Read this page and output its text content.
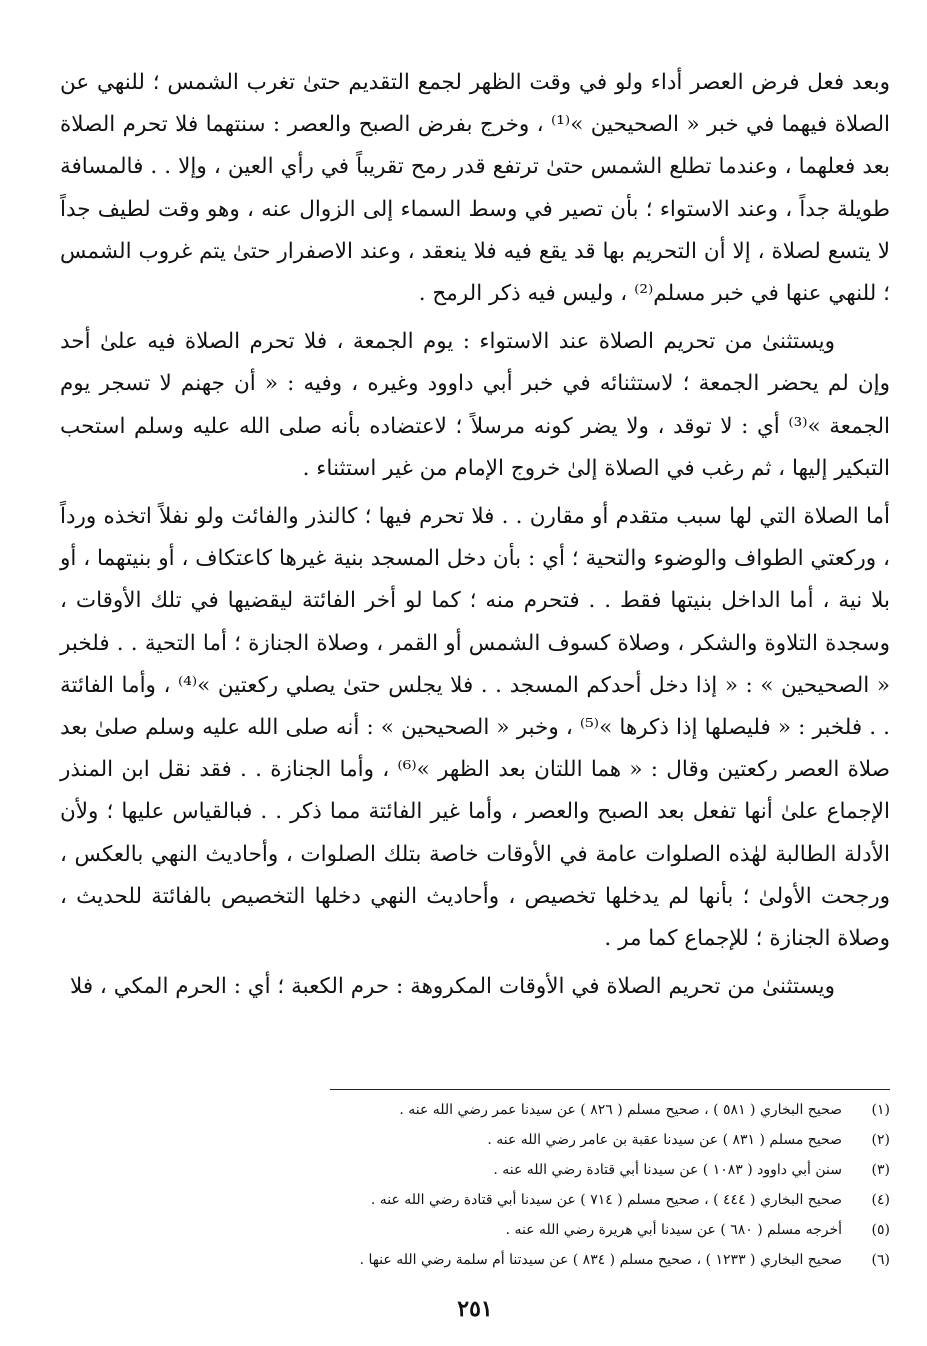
وبعد فعل فرض العصر أداء ولو في وقت الظهر لجمع التقديم حتىٰ تغرب الشمس ؛ للنهي عن الصلاة فيهما في خبر « الصحيحين »⁽¹⁾ ، وخرج بفرض الصبح والعصر : سنتهما فلا تحرم الصلاة بعد فعلهما ، وعندما تطلع الشمس حتىٰ ترتفع قدر رمح تقريباً في رأي العين ، وإلا . . فالمسافة طويلة جداً ، وعند الاستواء ؛ بأن تصير في وسط السماء إلى الزوال عنه ، وهو وقت لطيف جداً لا يتسع لصلاة ، إلا أن التحريم بها قد يقع فيه فلا ينعقد ، وعند الاصفرار حتىٰ يتم غروب الشمس ؛ للنهي عنها في خبر مسلم⁽²⁾ ، وليس فيه ذكر الرمح .

ويستثنىٰ من تحريم الصلاة عند الاستواء : يوم الجمعة ، فلا تحرم الصلاة فيه علىٰ أحد وإن لم يحضر الجمعة ؛ لاستثنائه في خبر أبي داوود وغيره ، وفيه : « أن جهنم لا تسجر يوم الجمعة »⁽³⁾ أي : لا توقد ، ولا يضر كونه مرسلاً ؛ لاعتضاده بأنه صلى الله عليه وسلم استحب التبكير إليها ، ثم رغب في الصلاة إلىٰ خروج الإمام من غير استثناء .

أما الصلاة التي لها سبب متقدم أو مقارن . . فلا تحرم فيها ؛ كالنذر والفائت ولو نفلاً اتخذه ورداً ، وركعتي الطواف والوضوء والتحية ؛ أي : بأن دخل المسجد بنية غيرها كاعتكاف ، أو بنيتهما ، أو بلا نية ، أما الداخل بنيتها فقط . . فتحرم منه ؛ كما لو أخر الفائتة ليقضيها في تلك الأوقات ، وسجدة التلاوة والشكر ، وصلاة كسوف الشمس أو القمر ، وصلاة الجنازة ؛ أما التحية . . فلخبر « الصحيحين » : « إذا دخل أحدكم المسجد . . فلا يجلس حتىٰ يصلي ركعتين »⁽⁴⁾ ، وأما الفائتة . . فلخبر : « فليصلها إذا ذكرها »⁽⁵⁾ ، وخبر « الصحيحين » : أنه صلى الله عليه وسلم صلىٰ بعد صلاة العصر ركعتين وقال : « هما اللتان بعد الظهر »⁽⁶⁾ ، وأما الجنازة . . فقد نقل ابن المنذر الإجماع علىٰ أنها تفعل بعد الصبح والعصر ، وأما غير الفائتة مما ذكر . . فبالقياس عليها ؛ ولأن الأدلة الطالبة لهٰذه الصلوات عامة في الأوقات خاصة بتلك الصلوات ، وأحاديث النهي بالعكس ، ورجحت الأولىٰ ؛ بأنها لم يدخلها تخصيص ، وأحاديث النهي دخلها التخصيص بالفائتة للحديث ، وصلاة الجنازة ؛ للإجماع كما مر .

ويستثنىٰ من تحريم الصلاة في الأوقات المكروهة : حرم الكعبة ؛ أي : الحرم المكي ، فلا

(١)
صحيح البخاري ( ٥٨١ ) ، صحيح مسلم ( ٨٢٦ ) عن سيدنا عمر رضي الله عنه .
(٢)
صحيح مسلم ( ٨٣١ ) عن سيدنا عقبة بن عامر رضي الله عنه .
(٣)
سنن أبي داوود ( ١٠٨٣ ) عن سيدنا أبي قتادة رضي الله عنه .
(٤)
صحيح البخاري ( ٤٤٤ ) ، صحيح مسلم ( ٧١٤ ) عن سيدنا أبي قتادة رضي الله عنه .
(٥)
أخرجه مسلم ( ٦٨٠ ) عن سيدنا أبي هريرة رضي الله عنه .
(٦)
صحيح البخاري ( ١٢٣٣ ) ، صحيح مسلم ( ٨٣٤ ) عن سيدتنا أم سلمة رضي الله عنها .
٢٥١
